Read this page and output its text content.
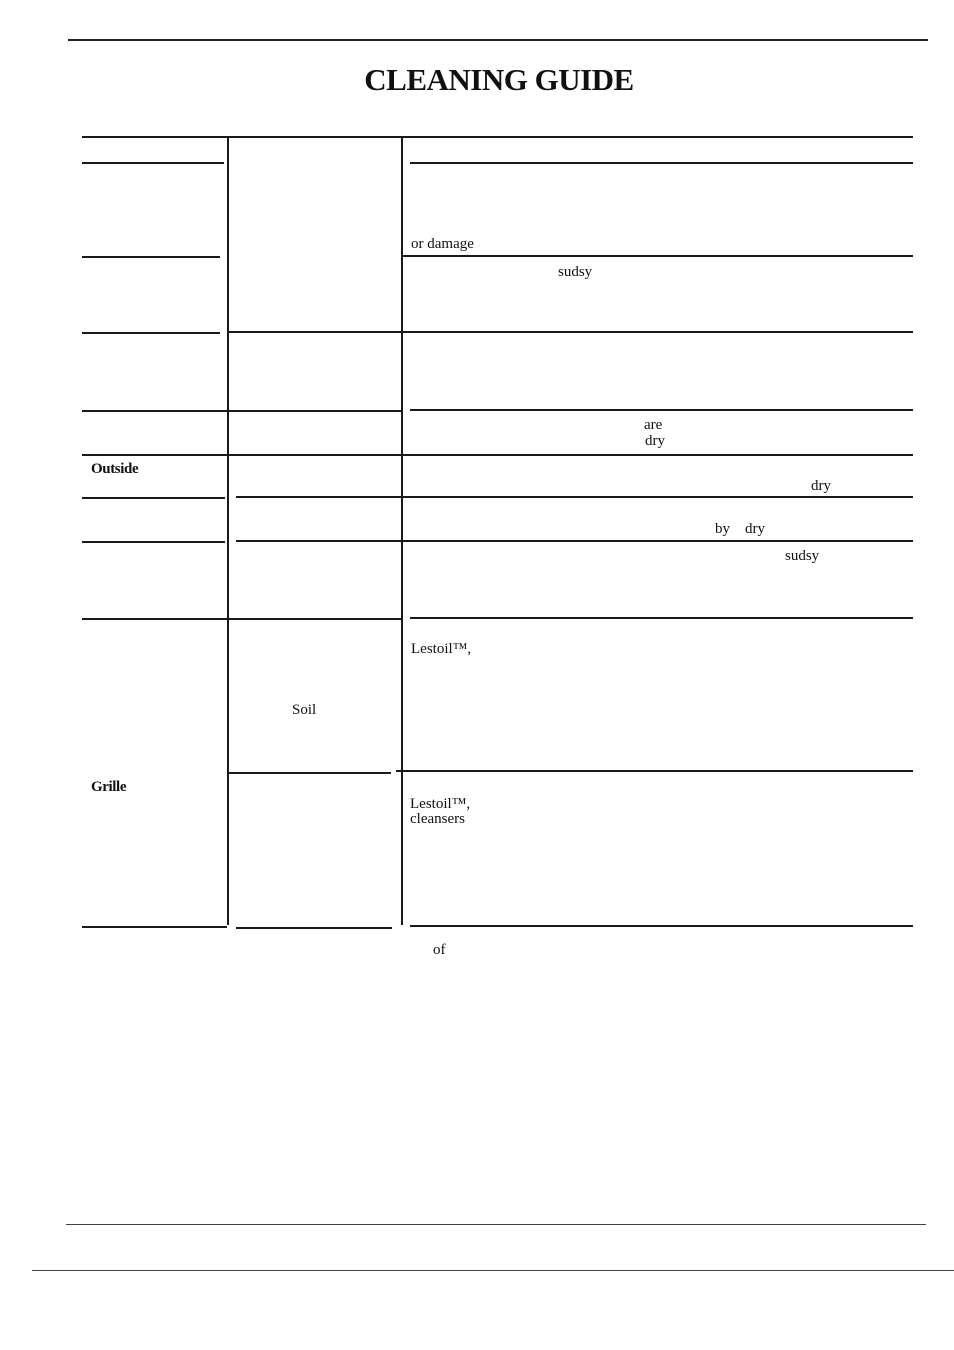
CLEANING GUIDE
or damage
sudsy
are
dry
Outside
dry
by dry
sudsy
Lestoil™,
Soil
Grille
Lestoil™,
cleansers
of
